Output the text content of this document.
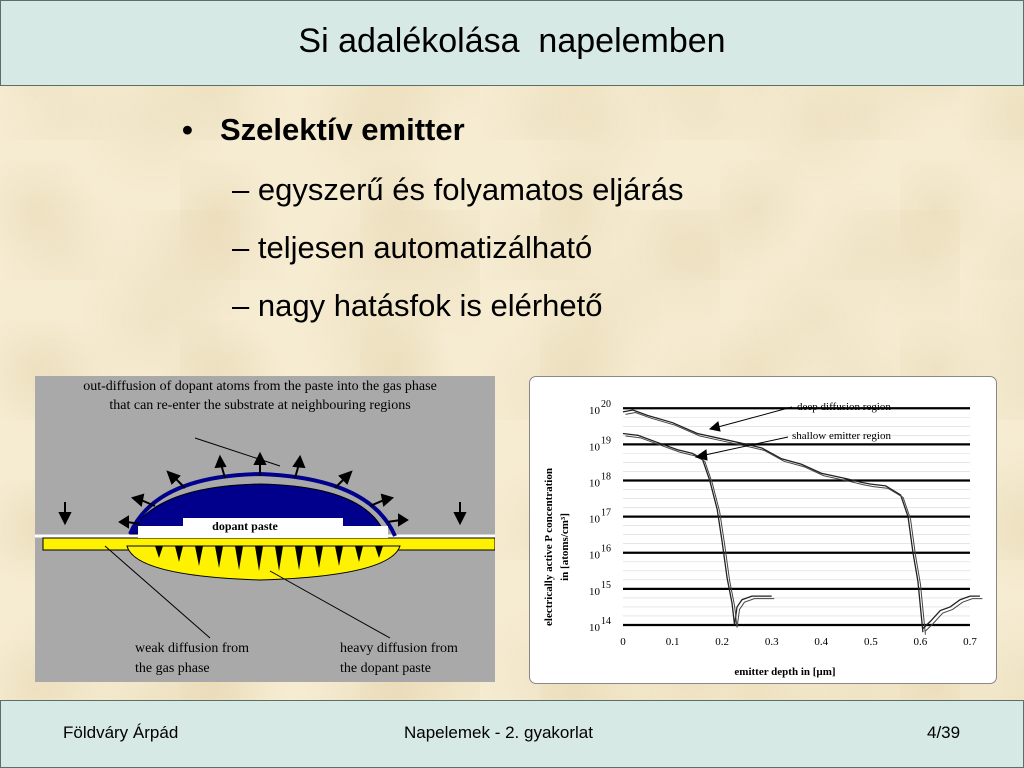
Si adalékolása  napelemben
• Szelektív emitter
– egyszerű és folyamatos eljárás
– teljesen automatizálható
– nagy hatásfok is elérhető
out-diffusion of dopant atoms from the paste into the gas phase
that can re-enter the substrate at neighbouring regions
dopant paste
weak diffusion from
the gas phase
heavy diffusion from
the dopant paste
10
20
10
19
10
18
10
17
10
16
10
15
10
14
0	0.1	0.2	0.3	0.4	0.5	0.6	0.7
electrically active P concentration in [atoms/cm³]
emitter depth in [µm]
deep diffusion region
shallow emitter region
Földváry Árpád	Napelemek - 2. gyakorlat	4/39
